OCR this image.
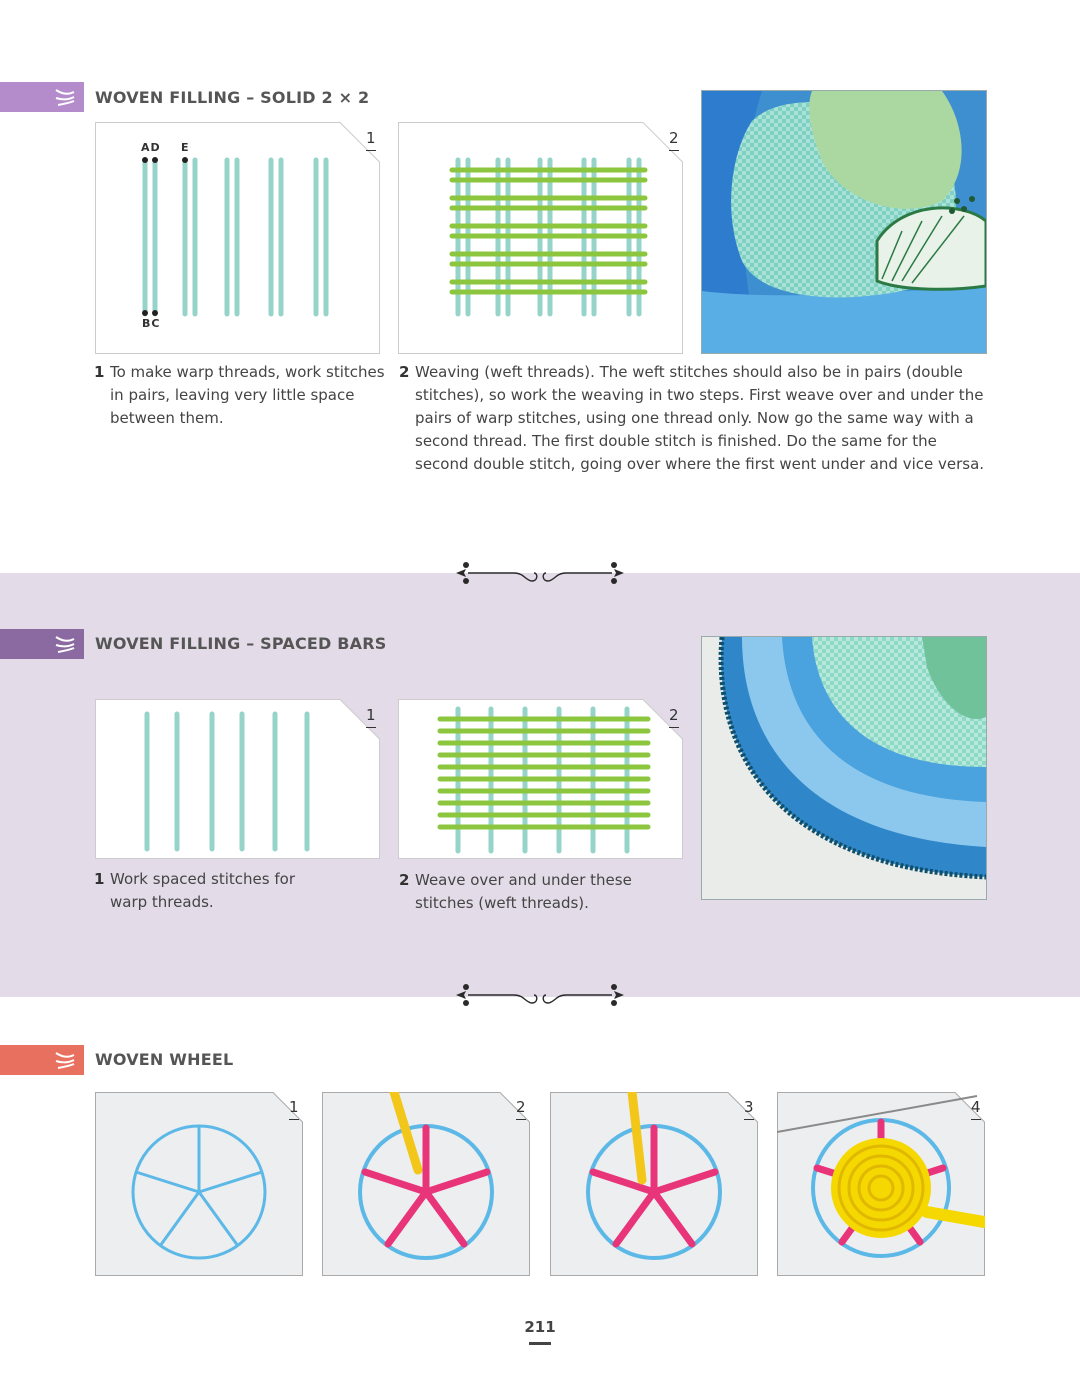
WOVEN FILLING – SOLID 2 × 2
AD E
BC
1	2
1 To make warp threads, work stitches in pairs, leaving very little space between them.
2 Weaving (weft threads). The weft stitches should also be in pairs (double stitches), so work the weaving in two steps. First weave over and under the pairs of warp stitches, using one thread only. Now go the same way with a second thread. The first double stitch is finished. Do the same for the second double stitch, going over where the first went under and vice versa.
WOVEN FILLING – SPACED BARS
1	2
1 Work spaced stitches for warp threads.
2 Weave over and under these stitches (weft threads).
WOVEN WHEEL
1	2	3	4
211
